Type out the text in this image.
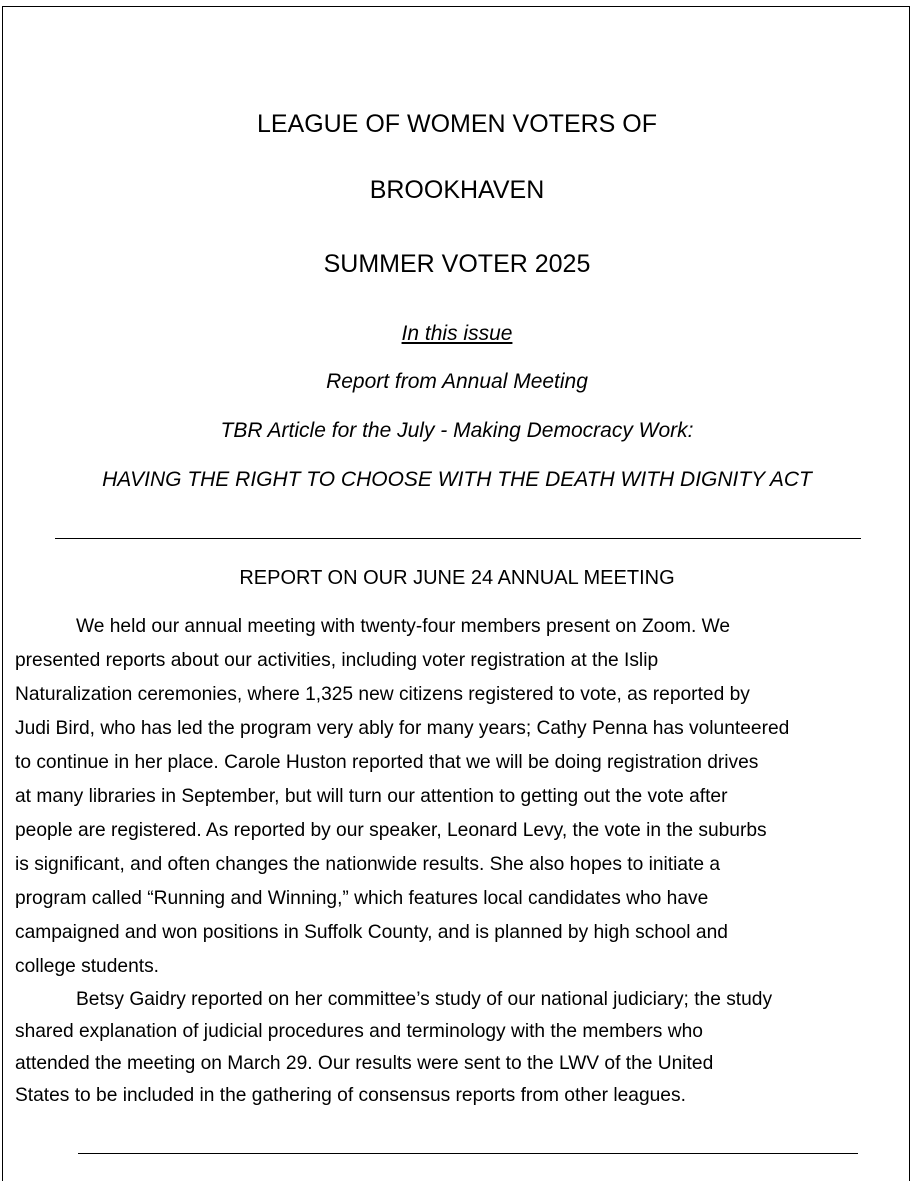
LEAGUE OF WOMEN VOTERS OF
BROOKHAVEN
SUMMER VOTER 2025
In this issue
Report from Annual Meeting
TBR Article for the July - Making Democracy Work:
HAVING THE RIGHT TO CHOOSE WITH THE DEATH WITH DIGNITY ACT
REPORT ON OUR JUNE 24 ANNUAL MEETING
We held our annual meeting with twenty-four members present on Zoom. We
presented reports about our activities, including voter registration at the Islip
Naturalization ceremonies, where 1,325 new citizens registered to vote, as reported by
Judi Bird, who has led the program very ably for many years; Cathy Penna has volunteered
to continue in her place. Carole Huston reported that we will be doing registration drives
at many libraries in September, but will turn our attention to getting out the vote after
people are registered. As reported by our speaker, Leonard Levy, the vote in the suburbs
is significant, and often changes the nationwide results. She also hopes to initiate a
program called “Running and Winning,” which features local candidates who have
campaigned and won positions in Suffolk County, and is planned by high school and
college students.
Betsy Gaidry reported on her committee’s study of our national judiciary; the study
shared explanation of judicial procedures and terminology with the members who
attended the meeting on March 29. Our results were sent to the LWV of the United
States to be included in the gathering of consensus reports from other leagues.
